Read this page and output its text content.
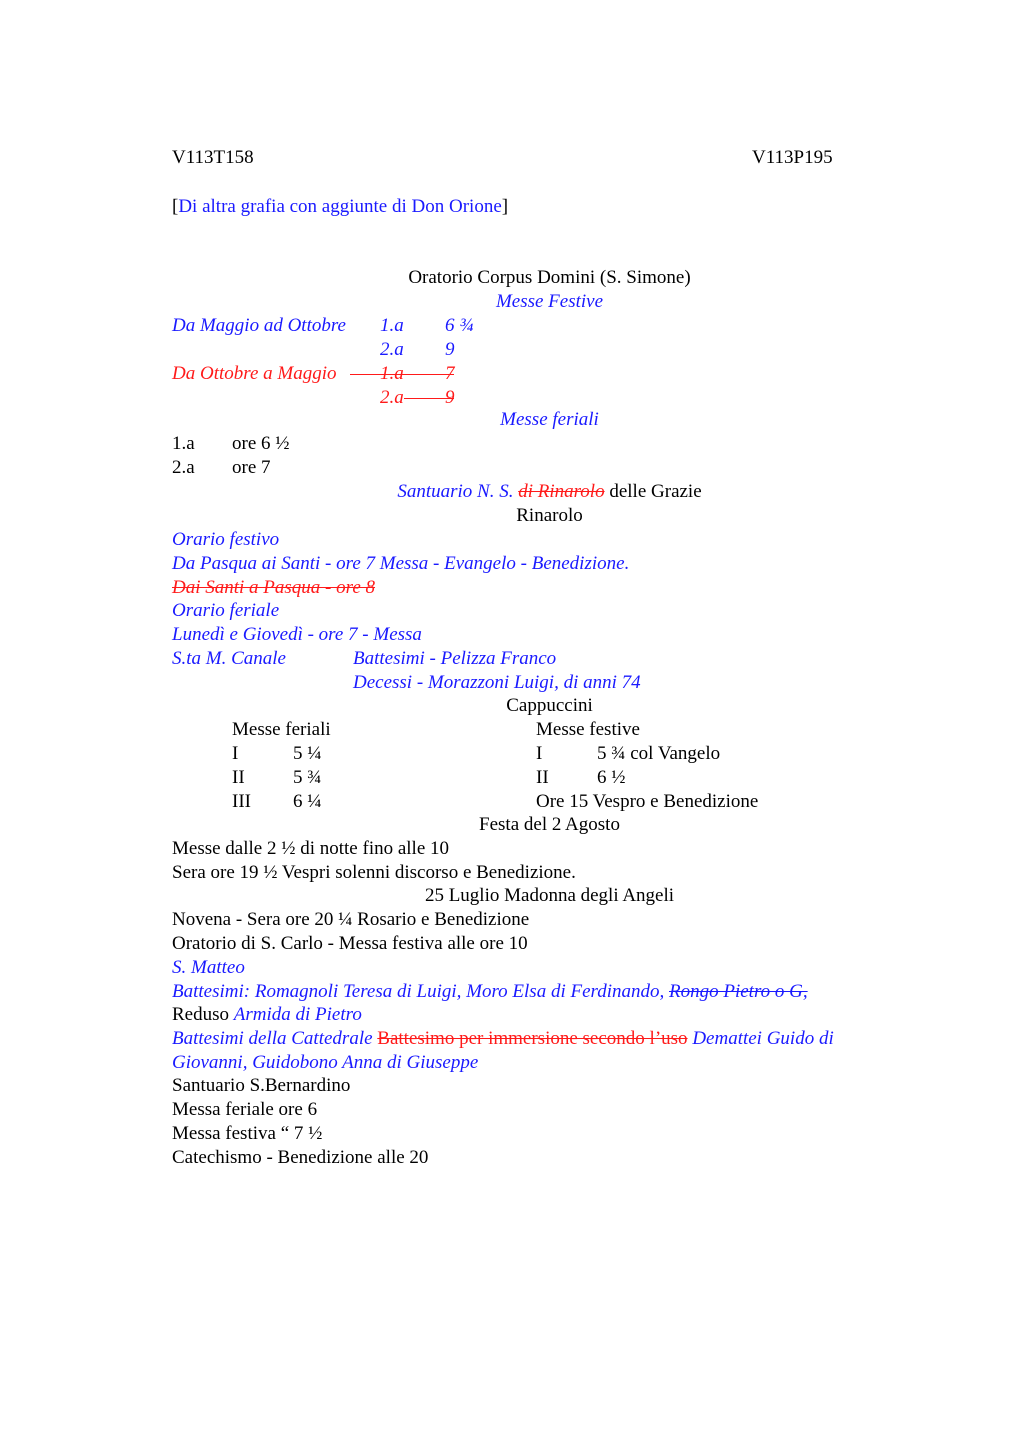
V113T158	V113P195
[Di altra grafia con aggiunte di Don Orione]
Oratorio Corpus Domini (S. Simone)
Messe Festive
Da Maggio ad Ottobre 1.a 6 ¾
2.a 9
Da Ottobre a Maggio 1.a 7
2.a 9
Messe feriali
1.a ore 6 ½
2.a ore 7
Santuario N. S. di Rinarolo delle Grazie
Rinarolo
Orario festivo
Da Pasqua ai Santi - ore 7 Messa - Evangelo - Benedizione.
Dai Santi a Pasqua - ore 8
Orario feriale
Lunedì e Giovedì - ore 7 - Messa
S.ta M. Canale	Battesimi - Pelizza Franco
Decessi - Morazzoni Luigi, di anni 74
Cappuccini
Messe feriali	Messe festive
I	5 ¼	I	5 ¾ col Vangelo
II	5 ¾	II	6 ½
III 6 ¼	Ore 15 Vespro e Benedizione
Festa del 2 Agosto
Messe dalle 2 ½ di notte fino alle 10
Sera ore 19 ½ Vespri solenni discorso e Benedizione.
25 Luglio Madonna degli Angeli
Novena - Sera ore 20 ¼ Rosario e Benedizione
Oratorio di S. Carlo - Messa festiva alle ore 10
S. Matteo
Battesimi: Romagnoli Teresa di Luigi, Moro Elsa di Ferdinando, Rongo Pietro o G,
Reduso Armida di Pietro
Battesimi della Cattedrale Battesimo per immersione secondo l’uso Demattei Guido di
Giovanni, Guidobono Anna di Giuseppe
Santuario S.Bernardino
Messa feriale ore 6
Messa festiva “ 7 ½
Catechismo - Benedizione alle 20
